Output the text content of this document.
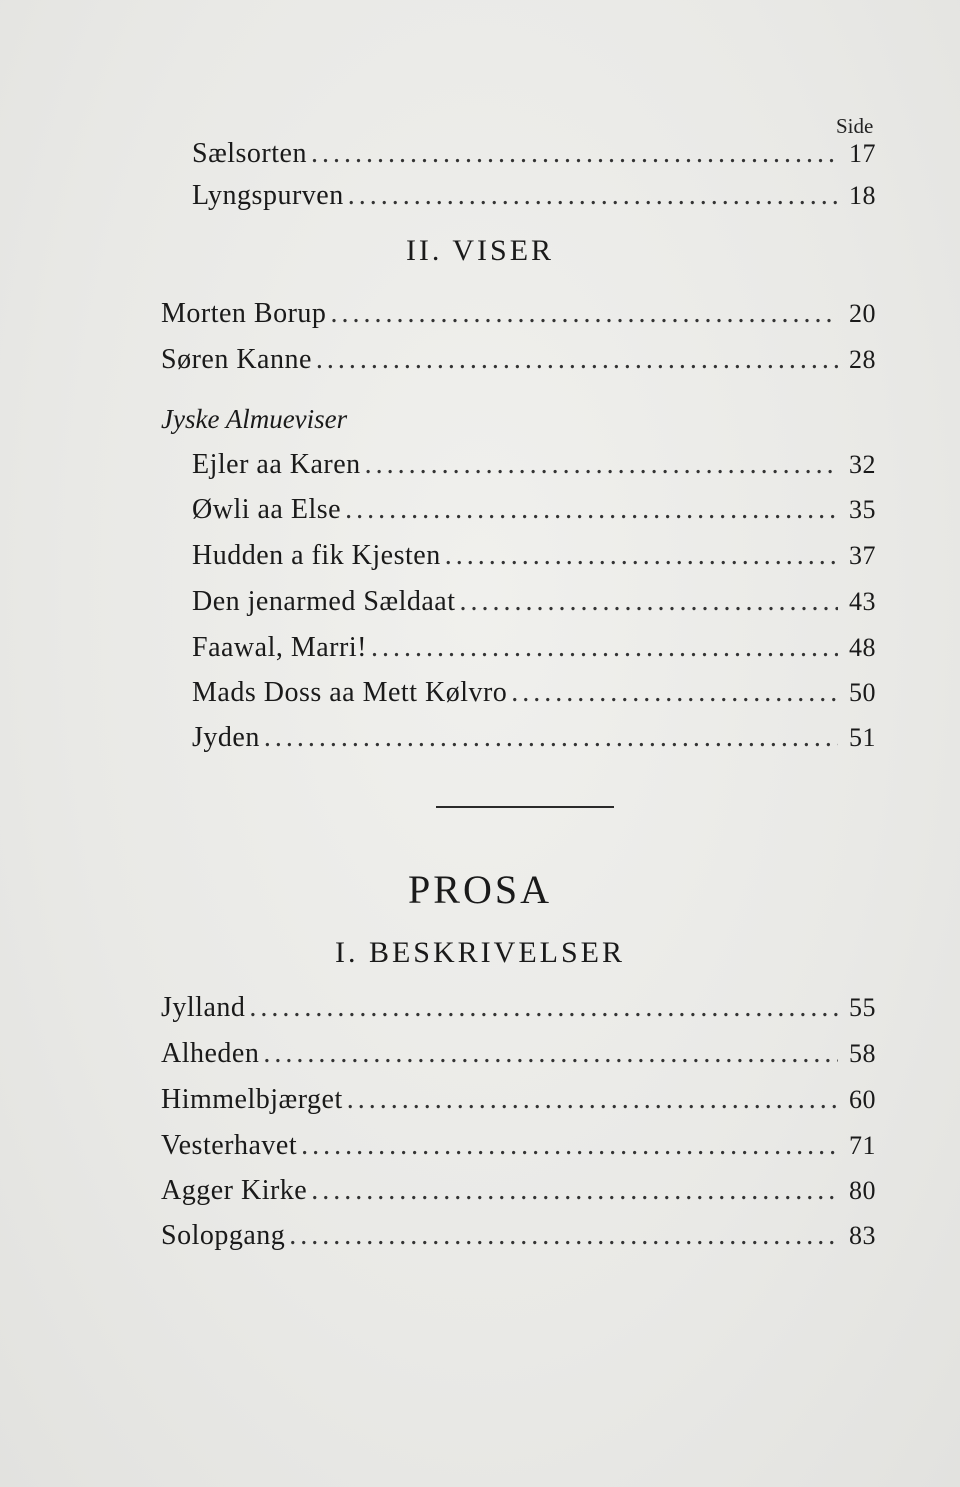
Side
Sælsorten .....	17
Lyngspurven .....	18
II. VISER
Morten Borup .....	20
Søren Kanne .....	28
Jyske Almueviser
Ejler aa Karen .....	32
Øwli aa Else .....	35
Hudden a fik Kjesten .....	37
Den jenarmed Sældaat .....	43
Faawal, Marri! .....	48
Mads Doss aa Mett Kølvro .....	50
Jyden .....	51
PROSA
I. BESKRIVELSER
Jylland .....	55
Alheden .....	58
Himmelbjærget .....	60
Vesterhavet .....	71
Agger Kirke .....	80
Solopgang .....	83
